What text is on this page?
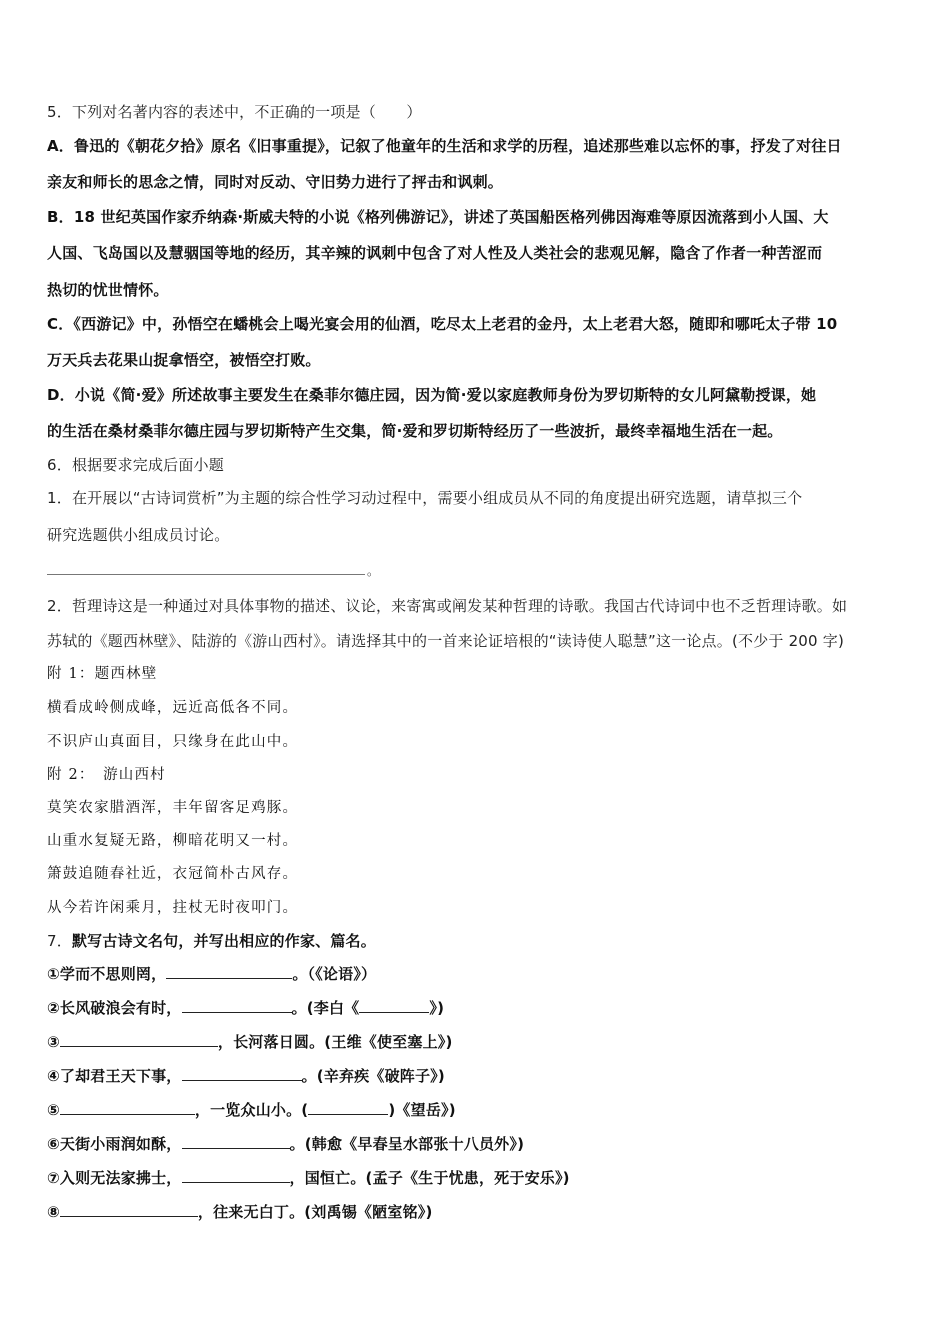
5．下列对名著内容的表述中，不正确的一项是（　　）
A．鲁迅的《朝花夕拾》原名《旧事重提》，记叙了他童年的生活和求学的历程，追述那些难以忘怀的事，抒发了对往日
亲友和师长的思念之情，同时对反动、守旧势力进行了抨击和讽刺。
B．18 世纪英国作家乔纳森·斯威夫特的小说《格列佛游记》，讲述了英国船医格列佛因海难等原因流落到小人国、大
人国、飞岛国以及慧骃国等地的经历，其辛辣的讽刺中包含了对人性及人类社会的悲观见解，隐含了作者一种苦涩而
热切的忧世情怀。
C．《西游记》中，孙悟空在蟠桃会上喝光宴会用的仙酒，吃尽太上老君的金丹，太上老君大怒，随即和哪吒太子带 10
万天兵去花果山捉拿悟空，被悟空打败。
D．小说《简·爱》所述故事主要发生在桑菲尔德庄园，因为简·爱以家庭教师身份为罗切斯特的女儿阿黛勒授课，她
的生活在桑材桑菲尔德庄园与罗切斯特产生交集，简·爱和罗切斯特经历了一些波折，最终幸福地生活在一起。
6．根据要求完成后面小题
1．在开展以“古诗词赏析”为主题的综合性学习动过程中，需要小组成员从不同的角度提出研究选题，请草拟三个
研究选题供小组成员讨论。
。
2．哲理诗这是一种通过对具体事物的描述、议论，来寄寓或阐发某种哲理的诗歌。我国古代诗词中也不乏哲理诗歌。如
苏轼的《题西林壁》、陆游的《游山西村》。请选择其中的一首来论证培根的“读诗使人聪慧”这一论点。(不少于 200 字)
附 1：题西林壁
横看成岭侧成峰，远近高低各不同。
不识庐山真面目，只缘身在此山中。
附 2：　游山西村
莫笑农家腊酒浑，丰年留客足鸡豚。
山重水复疑无路，柳暗花明又一村。
箫鼓追随春社近，衣冠简朴古风存。
从今若许闲乘月，拄杖无时夜叩门。
7．默写古诗文名句，并写出相应的作家、篇名。
①学而不思则罔，	。（《论语》）
②长风破浪会有时，	。(李白《	》)
③	，长河落日圆。(王维《使至塞上》)
④了却君王天下事，	。(辛弃疾《破阵子》)
⑤	，一览众山小。(	)《望岳》)
⑥天街小雨润如酥，	。(韩愈《早春呈水部张十八员外》)
⑦入则无法家拂士，	，国恒亡。(孟子《生于忧患，死于安乐》)
⑧	，往来无白丁。(刘禹锡《陋室铭》)
